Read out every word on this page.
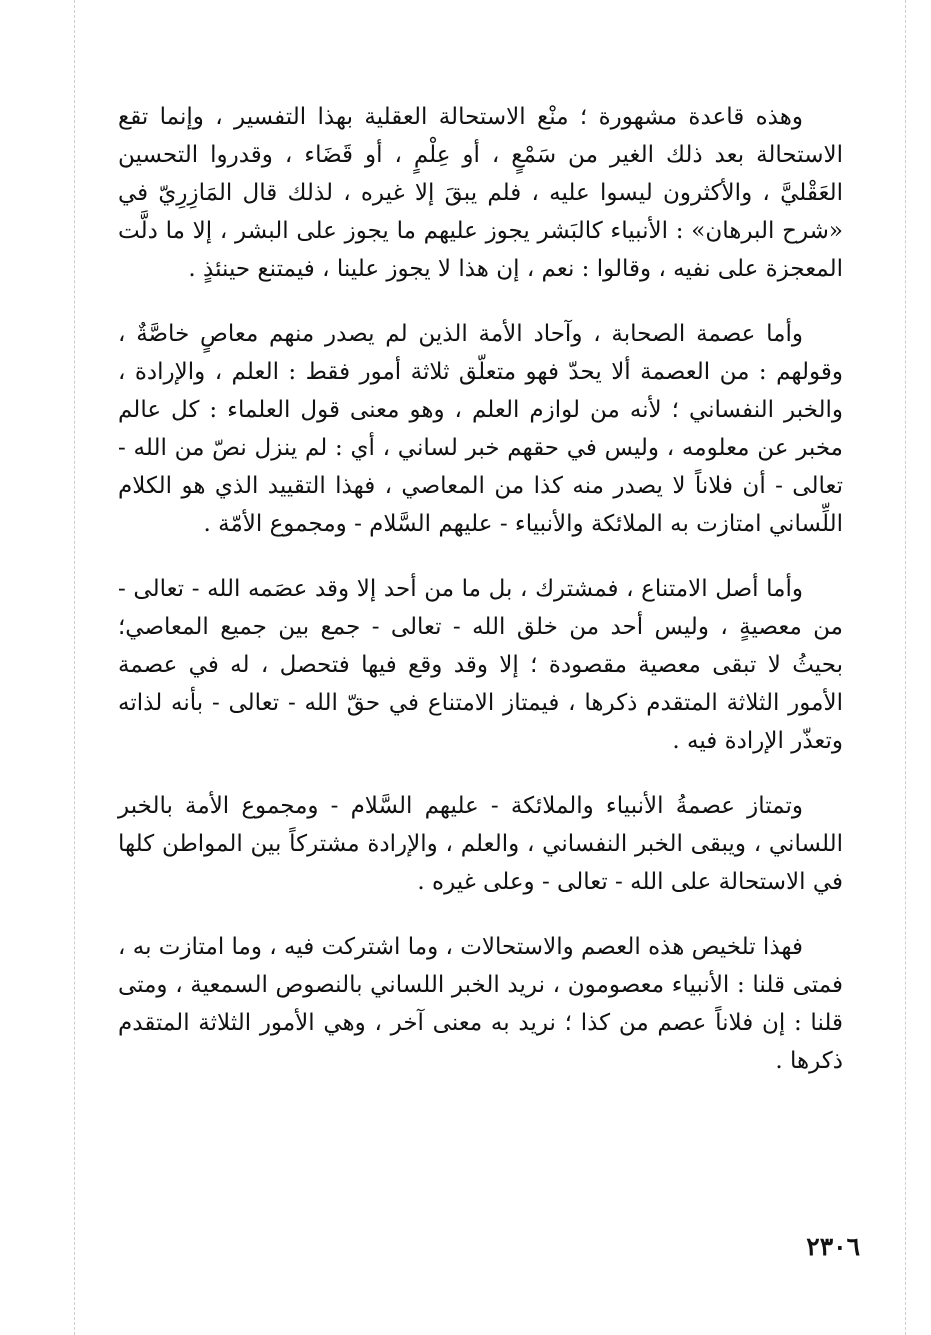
وهذه قاعدة مشهورة ؛ منْع الاستحالة العقلية بهذا التفسير ، وإنما تقع الاستحالة بعد ذلك الغير من سَمْعٍ ، أو عِلْمٍ ، أو قَضَاء ، وقدروا التحسين العَقْليَّ ، والأكثرون ليسوا عليه ، فلم يبقَ إلا غيره ، لذلك قال المَازِرِيّ في «شرح البرهان» : الأنبياء كالبَشر يجوز عليهم ما يجوز على البشر ، إلا ما دلَّت المعجزة على نفيه ، وقالوا : نعم ، إن هذا لا يجوز علينا ، فيمتنع حينئذٍ .

وأما عصمة الصحابة ، وآحاد الأمة الذين لم يصدر منهم معاصٍ خاصَّةٌ ، وقولهم : من العصمة ألا يحدّ فهو متعلّق ثلاثة أمور فقط : العلم ، والإرادة ، والخبر النفساني ؛ لأنه من لوازم العلم ، وهو معنى قول العلماء : كل عالم مخبر عن معلومه ، وليس في حقهم خبر لساني ، أي : لم ينزل نصّ من الله - تعالى - أن فلاناً لا يصدر منه كذا من المعاصي ، فهذا التقييد الذي هو الكلام اللِّساني امتازت به الملائكة والأنبياء - عليهم السَّلام - ومجموع الأمّة .

وأما أصل الامتناع ، فمشترك ، بل ما من أحد إلا وقد عصَمه الله - تعالى - من معصيةٍ ، وليس أحد من خلق الله - تعالى - جمع بين جميع المعاصي؛ بحيثُ لا تبقى معصية مقصودة ؛ إلا وقد وقع فيها فتحصل ، له في عصمة الأمور الثلاثة المتقدم ذكرها ، فيمتاز الامتناع في حقّ الله - تعالى - بأنه لذاته وتعذّر الإرادة فيه .

وتمتاز عصمةُ الأنبياء والملائكة - عليهم السَّلام - ومجموع الأمة بالخبر اللساني ، ويبقى الخبر النفساني ، والعلم ، والإرادة مشتركاً بين المواطن كلها في الاستحالة على الله - تعالى - وعلى غيره .

فهذا تلخيص هذه العصم والاستحالات ، وما اشتركت فيه ، وما امتازت به ، فمتى قلنا : الأنبياء معصومون ، نريد الخبر اللساني بالنصوص السمعية ، ومتى قلنا : إن فلاناً عصم من كذا ؛ نريد به معنى آخر ، وهي الأمور الثلاثة المتقدم ذكرها .

٢٣٠٦
